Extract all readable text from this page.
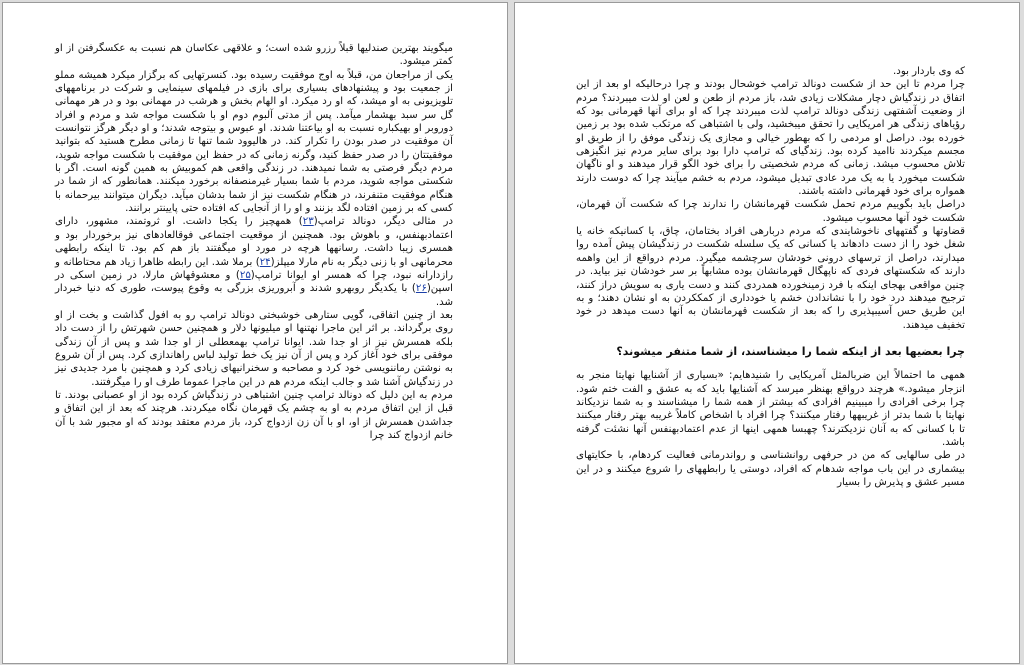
میگویند بهترین صندلیها قبلاً رزرو شده است؛ و علاقهی عکاسان هم نسبت به عکسگرفتن از او کمتر میشود.

یکی از مراجعان من، قبلاً به اوج موفقیت رسیده بود. کنسرتهایی که برگزار میکرد همیشه مملو از جمعیت بود و پیشنهادهای بسیاری برای بازی در فیلمهای سینمایی و شرکت در برنامههای تلویزیونی به او میشد، که او رد میکرد. او الهام بخش و هرشب در مهمانی بود و در هر مهمانی گل سر سبد بهشمار میآمد. پس از مدتی آلبوم دوم او با شکست مواجه شد و مردم و افراد دوروبر او بهیکباره نسبت به او بیاعتنا شدند. او عبوس و بیتوجه شدند؛ و او دیگر هرگز نتوانست آن موفقیت در صدر بودن را تکرار کند. در هالیوود شما تنها تا زمانی مطرح هستید که بتوانید موفقیتتان را در صدر حفظ کنید، وگرنه زمانی که در حفظ این موفقیت با شکست مواجه شوید، مردم دیگر فرصتی به شما نمیدهند. در زندگی واقعی هم کموبیش به همین گونه است. اگر با شکستی مواجه شوید، مردم با شما بسیار غیرمنصفانه برخورد میکنند. همانطور که از شما در هنگام موفقیت متنفرند، در هنگام شکست نیز از شما بدشان میآید. دیگران میتوانند بیرحمانه با کسی که بر زمین افتاده لگد بزنند و او را از آنجایی که افتاده حتی پایینتر برانند.

در مثالی دیگر، دونالد ترامپ(۲۳) همهچیز را یکجا داشت. او ثروتمند، مشهور، دارای اعتمادبهنفس، و باهوش بود. همچنین از موقعیت اجتماعی فوقالعادهای نیز برخوردار بود و همسری زیبا داشت. رسانهها هرچه در مورد او میگفتند باز هم کم بود. تا اینکه رابطهی محرمانهی او با زنی دیگر به نام مارلا میپلز(۲۴) برملا شد. این رابطه ظاهرا زیاد هم محتاطانه و رازدارانه نبود، چرا که همسر او ایوانا ترامپ(۲۵) و معشوقهاش مارلا، در زمین اسکی در اسپن(۲۶) با یکدیگر روبهرو شدند و آبروریزی بزرگی به وقوع پیوست، طوری که دنیا خبردار شد.

بعد از چنین اتفاقی، گویی ستارهی خوشبختی دونالد ترامپ رو به افول گذاشت و بخت از او روی برگرداند. بر اثر این ماجرا نهتنها او میلیونها دلار و همچنین حسن شهرتش را از دست داد بلکه همسرش نیز از او جدا شد. ایوانا ترامپ بهمعطلی از او جدا شد و پس از آن زندگی موفقی برای خود آغاز کرد و پس از آن نیز یک خط تولید لباس راهاندازی کرد. پس از آن شروع به نوشتن رماننویسی خود کرد و مصاحبه و سخنرانیهای زیادی کرد و همچنین با مرد جدیدی نیز در زندگیاش آشنا شد و جالب اینکه مردم هم در این ماجرا عموما طرف او را میگرفتند.

مردم به این دلیل که دونالد ترامپ چنین اشتباهی در زندگیاش کرده بود از او عصبانی بودند. تا قبل از این اتفاق مردم به او به چشم یک قهرمان نگاه میکردند. هرچند که بعد از این اتفاق و جداشدن همسرش از او، او با آن زن ازدواج کرد، باز مردم معتقد بودند که او مجبور شد با آن خانم ازدواج کند چرا

که وی باردار بود.

چرا مردم تا این حد از شکست دونالد ترامپ خوشحال بودند و چرا درحالیکه او بعد از این اتفاق در زندگیاش دچار مشکلات زیادی شد، باز مردم از طعن و لعن او لذت میبردند؟ مردم از وضعیت آشفتهی زندگی دونالد ترامپ لذت میبردند چرا که او برای آنها قهرمانی بود که رؤیاهای زندگی هر امریکایی را تحقق میبخشید، ولی با اشتباهی که مرتکب شده بود بر زمین خورده بود. دراصل او مردمی را که بهطور خیالی و مجازی یک زندگی موفق را از طریق او مجسم میکردند ناامید کرده بود. زندگیای که ترامپ دارا بود برای سایر مردم نیز انگیزهی تلاش محسوب میشد. زمانی که مردم شخصیتی را برای خود الگو قرار میدهند و او ناگهان شکست میخورد یا به یک مرد عادی تبدیل میشود، مردم به خشم میآیند چرا که دوست دارند همواره برای خود قهرمانی داشته باشند.

دراصل باید بگوییم مردم تحمل شکست قهرمانشان را ندارند چرا که شکست آن قهرمان، شکست خود آنها محسوب میشود.

قضاوتها و گفتههای ناخوشایندی که مردم دربارهی افراد بختامان، چاق، یا کسانیکه خانه یا شغل خود را از دست دادهاند یا کسانی که یک سلسله شکست در زندگیشان پیش آمده روا میدارند، دراصل از ترسهای درونی خودشان سرچشمه میگیرد. مردم درواقع از این واهمه دارند که شکستهای فردی که ناپهگال قهرمانشان بوده مشابهاً بر سر خودشان نیز بیاید. در چنین مواقعی بهجای اینکه با فرد زمینخورده همدردی کنند و دست یاری به سویش دراز کنند، ترجیح میدهند درد خود را با نشاندادن خشم یا خودداری از کمککردن به او نشان دهند؛ و به این طریق حس آسیبپذیری را که بعد از شکست قهرمانشان به آنها دست میدهد در خود تخفیف میدهند.

چرا بعضیها بعد از اینکه شما را میشناسند، از شما متنفر میشوند؟

همهی ما احتمالاً این ضربالمثل آمریکایی را شنیدهایم: «بسیاری از آشنایها نهایتا منجر به انزجار میشود.» هرچند درواقع بهنظر میرسد که آشنایها باید که به عشق و الفت ختم شود. چرا برخی افرادی را میبینیم افرادی که بیشتر از همه شما را میشناسند و به شما نزدیکاند نهایتا با شما بدتر از غریبهها رفتار میکنند؟ چرا افراد با اشخاص کاملاً غریبه بهتر رفتار میکنند تا با کسانی که به آنان نزدیکترند؟ چهبسا همهی اینها از عدم اعتمادبهنفس آنها نشئت گرفته باشد.

در طی سالهایی که من در حرفهی روانشناسی و رواندرمانی فعالیت کردهام، با حکایتهای بیشماری در این باب مواجه شدهام که افراد، دوستی یا رابطههای را شروع میکنند و در این مسیر عشق و پذیرش را بسیار
